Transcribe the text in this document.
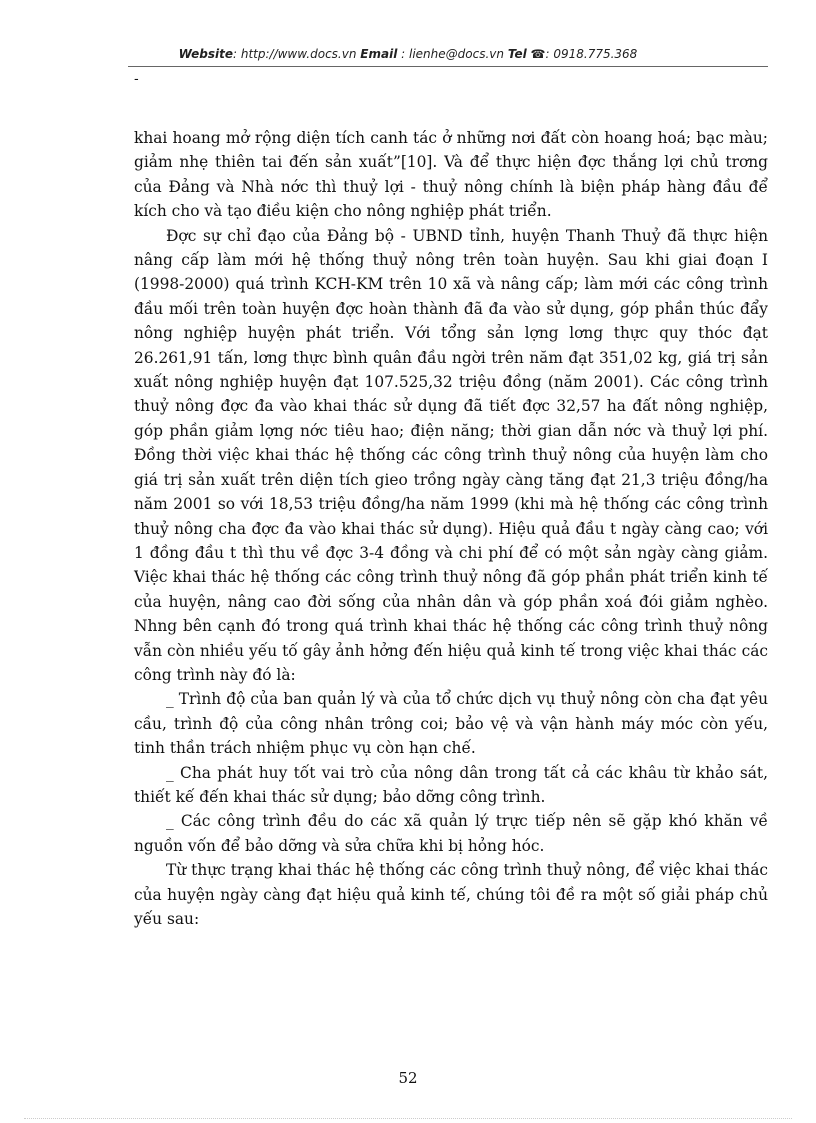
Website: http://www.docs.vn Email : lienhe@docs.vn Tel ☎: 0918.775.368
-

khai hoang mở rộng diện tích canh tác ở những nơi đất còn hoang hoá; bạc màu; giảm nhẹ thiên tai đến sản xuất”[10]. Và để thực hiện đợc thắng lợi chủ trơng của Đảng và Nhà nớc thì thuỷ lợi - thuỷ nông chính là biện pháp hàng đầu để kích cho và tạo điều kiện cho nông nghiệp phát triển.

Đợc sự chỉ đạo của Đảng bộ - UBND tỉnh, huyện Thanh Thuỷ đã thực hiện nâng cấp làm mới hệ thống thuỷ nông trên toàn huyện. Sau khi giai đoạn I (1998-2000) quá trình KCH-KM trên 10 xã và nâng cấp; làm mới các công trình đầu mối trên toàn huyện đợc hoàn thành đã đa vào sử dụng, góp phần thúc đẩy nông nghiệp huyện phát triển. Với tổng sản lợng lơng thực quy thóc đạt 26.261,91 tấn, lơng thực bình quân đầu ngời trên năm đạt 351,02 kg, giá trị sản xuất nông nghiệp huyện đạt 107.525,32 triệu đồng (năm 2001). Các công trình thuỷ nông đợc đa vào khai thác sử dụng đã tiết đợc 32,57 ha đất nông nghiệp, góp phần giảm lợng nớc tiêu hao; điện năng; thời gian dẫn nớc và thuỷ lợi phí. Đồng thời việc khai thác hệ thống các công trình thuỷ nông của huyện làm cho giá trị sản xuất trên diện tích gieo trồng ngày càng tăng đạt 21,3 triệu đồng/ha năm 2001 so với 18,53 triệu đồng/ha năm 1999 (khi mà hệ thống các công trình thuỷ nông cha đợc đa vào khai thác sử dụng). Hiệu quả đầu t ngày càng cao; với 1 đồng đầu t thì thu về đợc 3-4 đồng và chi phí để có một sản ngày càng giảm. Việc khai thác hệ thống các công trình thuỷ nông đã góp phần phát triển kinh tế của huyện, nâng cao đời sống của nhân dân và góp phần xoá đói giảm nghèo. Nhng bên cạnh đó trong quá trình khai thác hệ thống các công trình thuỷ nông vẫn còn nhiều yếu tố gây ảnh hởng đến hiệu quả kinh tế trong việc khai thác các công trình này đó là:

_ Trình độ của ban quản lý và của tổ chức dịch vụ thuỷ nông còn cha đạt yêu cầu, trình độ của công nhân trông coi; bảo vệ và vận hành máy móc còn yếu, tinh thần trách nhiệm phục vụ còn hạn chế.

_ Cha phát huy tốt vai trò của nông dân trong tất cả các khâu từ khảo sát, thiết kế đến khai thác sử dụng; bảo dỡng công trình.

_ Các công trình đều do các xã quản lý trực tiếp nên sẽ gặp khó khăn về nguồn vốn để bảo dỡng và sửa chữa khi bị hỏng hóc.

Từ thực trạng khai thác hệ thống các công trình thuỷ nông, để việc khai thác của huyện ngày càng đạt hiệu quả kinh tế, chúng tôi đề ra một số giải pháp chủ yếu sau:

52
